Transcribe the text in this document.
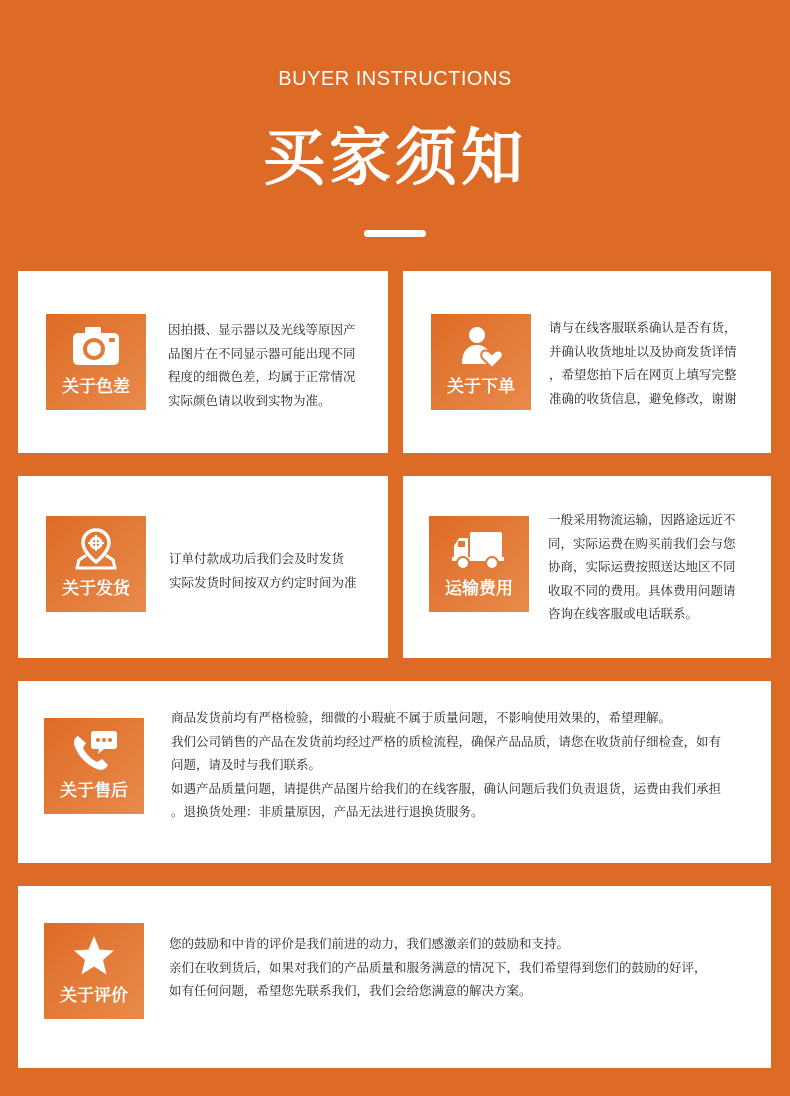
BUYER INSTRUCTIONS
买家须知
关于色差
因拍摄、显示器以及光线等原因产
品图片在不同显示器可能出现不同
程度的细微色差，均属于正常情况
实际颜色请以收到实物为准。
关于下单
请与在线客服联系确认是否有货，
并确认收货地址以及协商发货详情
，希望您拍下后在网页上填写完整
准确的收货信息，避免修改，谢谢
关于发货
订单付款成功后我们会及时发货
实际发货时间按双方约定时间为准	运输费用
一般采用物流运输，因路途远近不
同，实际运费在购买前我们会与您
协商，实际运费按照送达地区不同
收取不同的费用。具体费用问题请
咨询在线客服或电话联系。
关于售后
商品发货前均有严格检验，细微的小瑕疵不属于质量问题，不影响使用效果的，希望理解。
我们公司销售的产品在发货前均经过严格的质检流程，确保产品品质，请您在收货前仔细检查，如有
问题，请及时与我们联系。
如遇产品质量问题，请提供产品图片给我们的在线客服，确认问题后我们负责退货，运费由我们承担
。退换货处理：非质量原因，产品无法进行退换货服务。
关于评价
您的鼓励和中肯的评价是我们前进的动力，我们感激亲们的鼓励和支持。
亲们在收到货后，如果对我们的产品质量和服务满意的情况下，我们希望得到您们的鼓励的好评，
如有任何问题，希望您先联系我们，我们会给您满意的解决方案。
